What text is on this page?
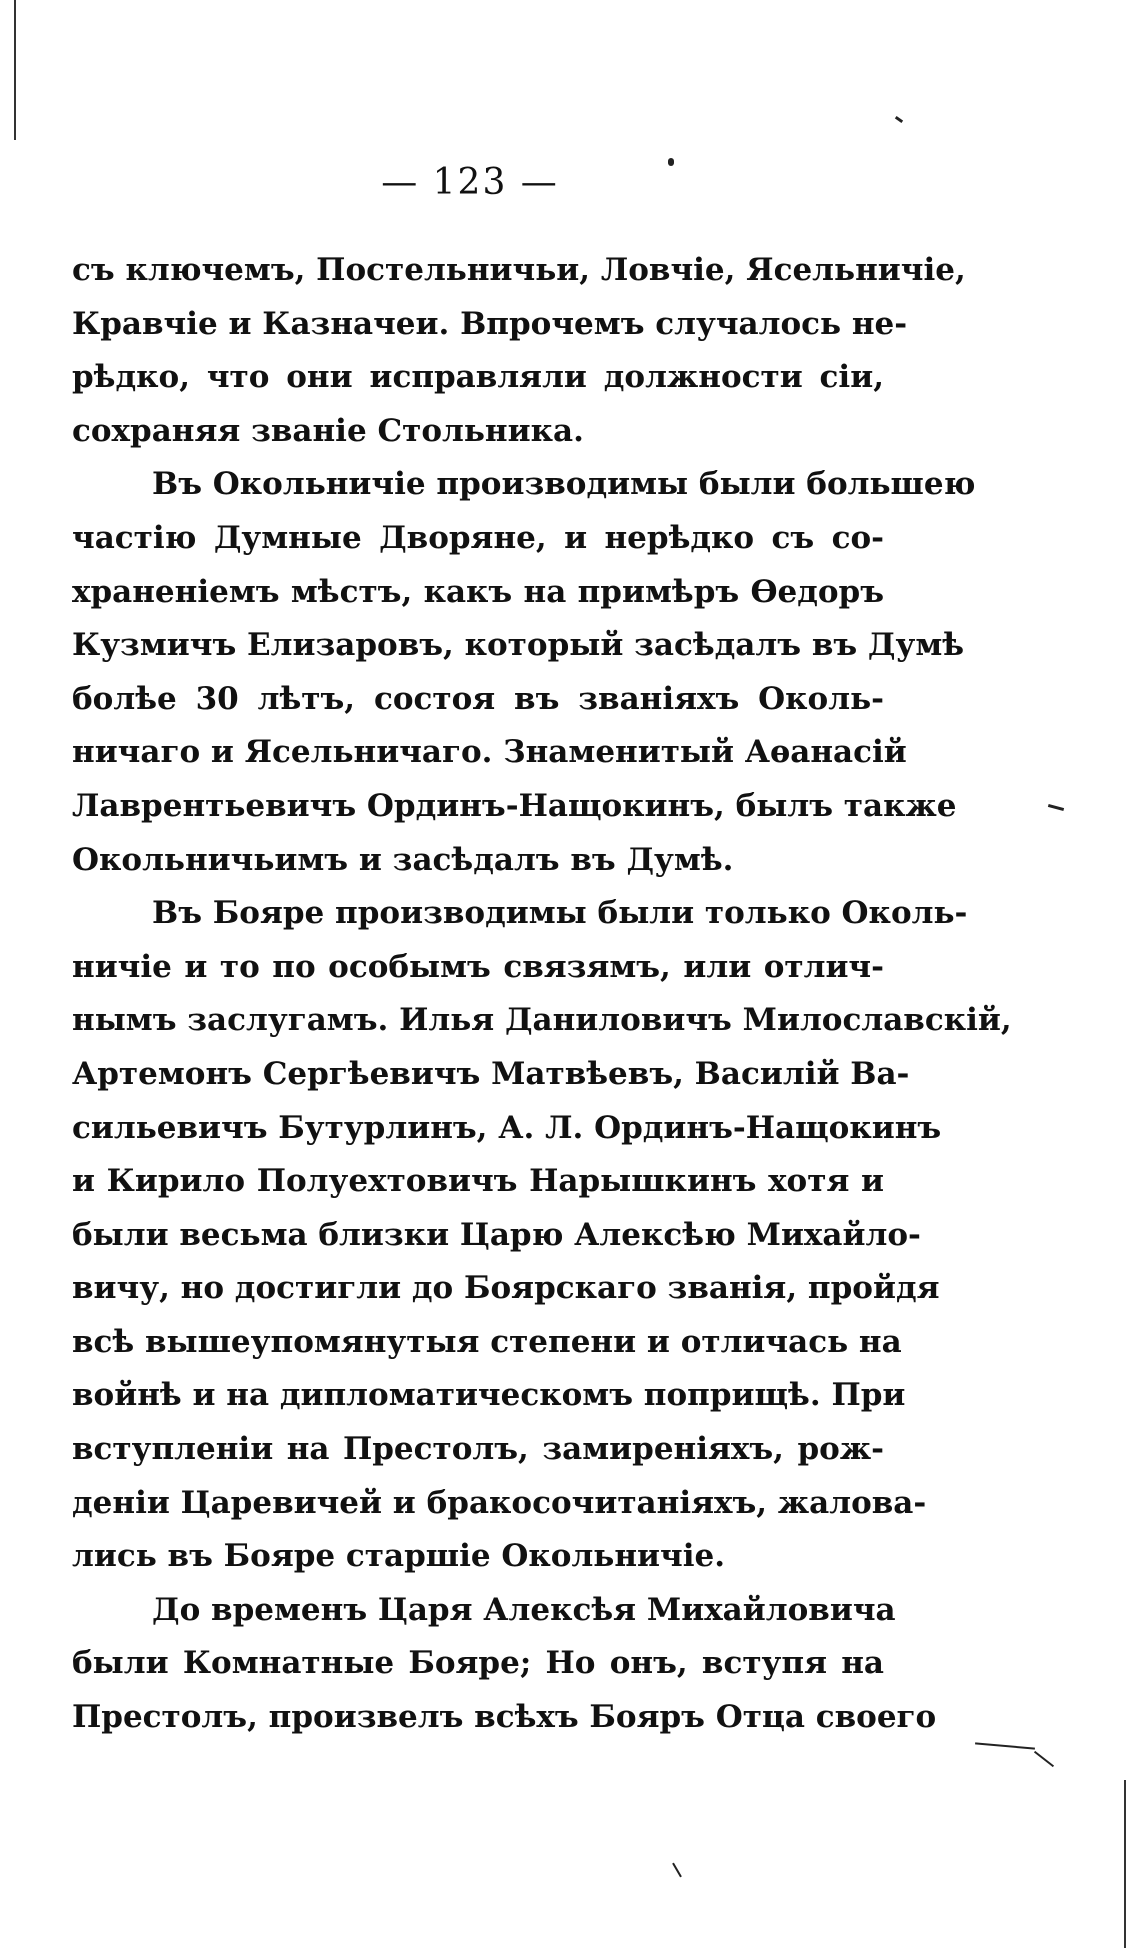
— 123 —
съ ключемъ, Постельничьи, Ловчіе, Ясельничіе,
Кравчіе и Казначеи. Впрочемъ случалось не-
рѣдко, что они исправляли должности сіи,
сохраняя званіе Стольника.
Въ Окольничіе производимы были большею
частію Думные Дворяне, и нерѣдко съ со-
храненіемъ мѣстъ, какъ на примѣръ Ѳедоръ
Кузмичъ Елизаровъ, который засѣдалъ въ Думѣ
болѣе 30 лѣтъ, состоя въ званіяхъ Околь-
ничаго и Ясельничаго. Знаменитый Аѳанасій
Лаврентьевичъ Ординъ-Нащокинъ, былъ также
Окольничьимъ и засѣдалъ въ Думѣ.
Въ Бояре производимы были только Околь-
ничіе и то по особымъ связямъ, или отлич-
нымъ заслугамъ. Илья Даниловичъ Милославскій,
Артемонъ Сергѣевичъ Матвѣевъ, Василій Ва-
сильевичъ Бутурлинъ, А. Л. Ординъ-Нащокинъ
и Кирило Полуехтовичъ Нарышкинъ хотя и
были весьма близки Царю Алексѣю Михайло-
вичу, но достигли до Боярскаго званія, пройдя
всѣ вышеупомянутыя степени и отличась на
войнѣ и на дипломатическомъ поприщѣ. При
вступленіи на Престолъ, замиреніяхъ, рож-
деніи Царевичей и бракосочитаніяхъ, жалова-
лись въ Бояре старшіе Окольничіе.
До временъ Царя Алексѣя Михайловича
были Комнатные Бояре; Но онъ, вступя на
Престолъ, произвелъ всѣхъ Бояръ Отца своего
